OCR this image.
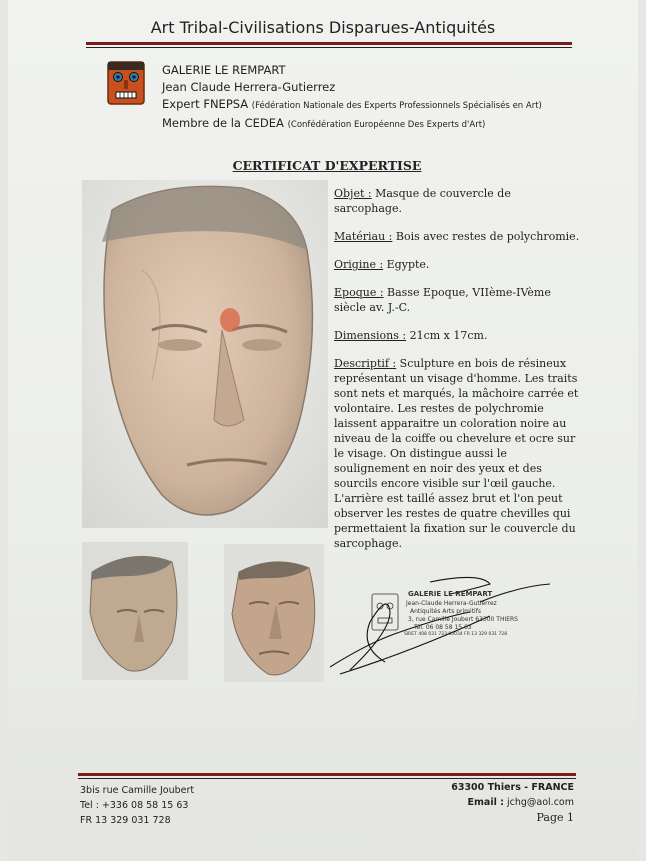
Art Tribal-Civilisations Disparues-Antiquités
GALERIE LE REMPART
Jean Claude Herrera-Gutierrez
Expert FNEPSA (Fédération Nationale des Experts Professionnels Spécialisés en Art)
Membre de la CEDEA (Confédération Européenne Des Experts d'Art)
CERTIFICAT D'EXPERTISE

Objet : Masque de couvercle de sarcophage.

Matériau : Bois avec restes de polychromie.

Origine : Egypte.

Epoque : Basse Epoque, VIIème-IVème siècle av. J.-C.

Dimensions : 21cm x 17cm.

Descriptif : Sculpture en bois de résineux représentant un visage d'homme. Les traits sont nets et marqués, la mâchoire carrée et volontaire. Les restes de polychromie laissent apparaitre un coloration noire au niveau de la coiffe ou chevelure et ocre sur le visage. On distingue aussi le soulignement en noir des yeux et des sourcils encore visible sur l'œil gauche. L'arrière est taillé assez brut et l'on peut observer les restes de quatre chevilles qui permettaient la fixation sur le couvercle du sarcophage.

GALERIE LE REMPART
Jean-Claude Herrera-Gutierrez
Antiquités Arts primitifs
3, rue Camille Joubert 63300 THIERS
Tél. 06 08 58 15 63
SIRET 408 031 723 00034 FR 13 329 031 728
3bis rue Camille Joubert
Tel : +336 08 58 15 63
FR 13 329 031 728
63300 Thiers - FRANCE
Email : jchg@aol.com
Page 1
